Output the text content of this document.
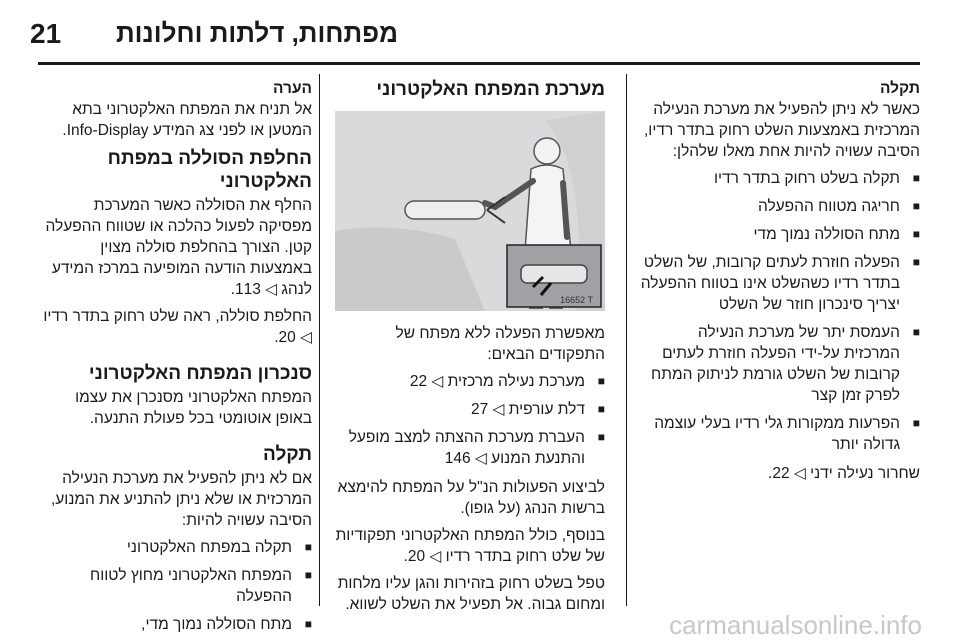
21 מפתחות, דלתות וחלונות
תקלה

כאשר לא ניתן להפעיל את מערכת הנעילה המרכזית באמצעות השלט רחוק בתדר רדיו, הסיבה עשויה להיות אחת מאלו שלהלן:

■ תקלה בשלט רחוק בתדר רדיו
■ חריגה מטווח ההפעלה
■ מתח הסוללה נמוך מדי
■ הפעלה חוזרת לעתים קרובות, של השלט בתדר רדיו כשהשלט אינו בטווח ההפעלה יצריך סינכרון חוזר של השלט
■ העמסת יתר של מערכת הנעילה המרכזית על-ידי הפעלה חוזרת לעתים קרובות של השלט גורמת לניתוק המתח לפרק זמן קצר
■ הפרעות ממקורות גלי רדיו בעלי עוצמה גדולה יותר

שחרור נעילה ידני ◁ 22.

מערכת המפתח האלקטרוני
16652 T

מאפשרת הפעלה ללא מפתח של התפקודים הבאים:

■ מערכת נעילה מרכזית ◁ 22
■ דלת עורפית ◁ 27
■ העברת מערכת ההצתה למצב מופעל והתנעת המנוע ◁ 146

לביצוע הפעולות הנ"ל על המפתח להימצא ברשות הנהג (על גופו).

בנוסף, כולל המפתח האלקטרוני תפקודיות של שלט רחוק בתדר רדיו ◁ 20.

טפל בשלט רחוק בזהירות והגן עליו מלחות ומחום גבוה. אל תפעיל את השלט לשווא.

הערה

אל תניח את המפתח האלקטרוני בתא המטען או לפני צג המידע Info-Display.

החלפת הסוללה במפתח האלקטרוני

החלף את הסוללה כאשר המערכת מפסיקה לפעול כהלכה או שטווח ההפעלה קטן. הצורך בהחלפת סוללה מצוין באמצעות הודעה המופיעה במרכז המידע לנהג ◁ 113.

החלפת סוללה, ראה שלט רחוק בתדר רדיו ◁ 20.

סנכרון המפתח האלקטרוני

המפתח האלקטרוני מסנכרן את עצמו באופן אוטומטי בכל פעולת התנעה.

תקלה

אם לא ניתן להפעיל את מערכת הנעילה המרכזית או שלא ניתן להתניע את המנוע, הסיבה עשויה להיות:

■ תקלה במפתח האלקטרוני
■ המפתח האלקטרוני מחוץ לטווח ההפעלה
■ מתח הסוללה נמוך מדי,	carmanualsonline.info
